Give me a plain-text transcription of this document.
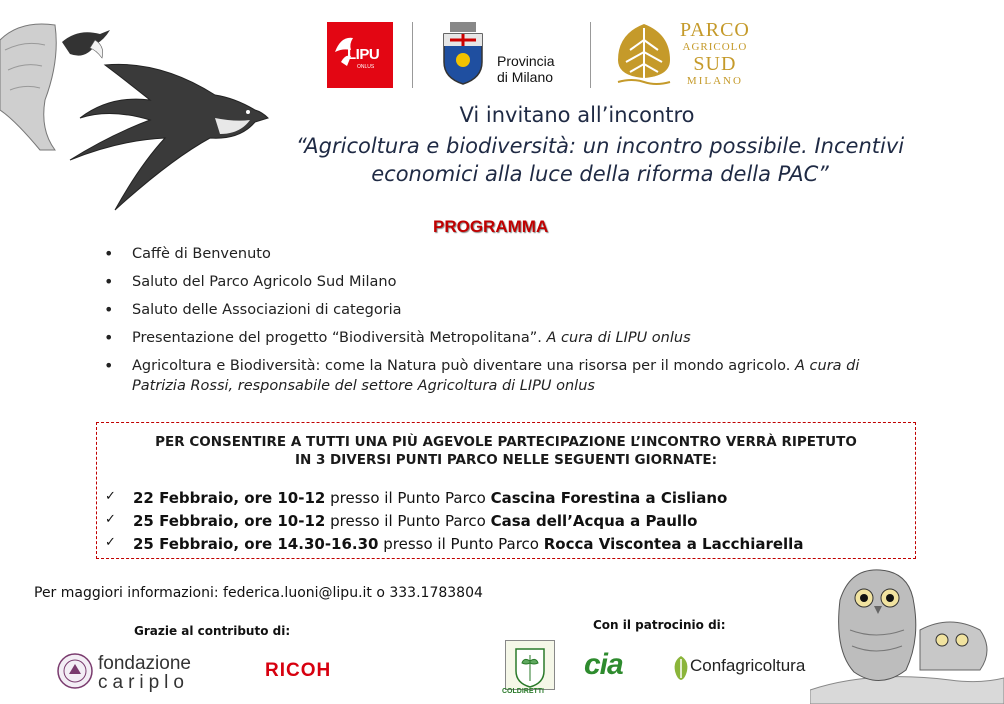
LIPU
ONLUS	Provincia
di Milano
PARCO
AGRICOLO
SUD
MILANO
Vi invitano all’incontro
“Agricoltura e biodiversità: un incontro possibile. Incentivi
economici alla luce della riforma della PAC”
PROGRAMMA
• Caffè di Benvenuto
• Saluto del Parco Agricolo Sud Milano
• Saluto delle Associazioni di categoria
• Presentazione del progetto “Biodiversità Metropolitana”. A cura di LIPU onlus
• Agricoltura e Biodiversità: come la Natura può diventare una risorsa per il mondo agricolo. A cura di Patrizia Rossi, responsabile del settore Agricoltura di LIPU onlus
PER CONSENTIRE A TUTTI UNA PIÙ AGEVOLE PARTECIPAZIONE L’INCONTRO VERRÀ RIPETUTO
IN 3 DIVERSI PUNTI PARCO NELLE SEGUENTI GIORNATE:
✓ 22 Febbraio, ore 10-12 presso il Punto Parco Cascina Forestina a Cisliano
✓ 25 Febbraio, ore 10-12 presso il Punto Parco Casa dell’Acqua a Paullo
✓ 25 Febbraio, ore 14.30-16.30 presso il Punto Parco Rocca Viscontea a Lacchiarella
Per maggiori informazioni: federica.luoni@lipu.it o 333.1783804
Grazie al contributo di:	Con il patrocinio di:
fondazione
cariplo
RICOH
COLDIRETTI
cia	Confagricoltura
